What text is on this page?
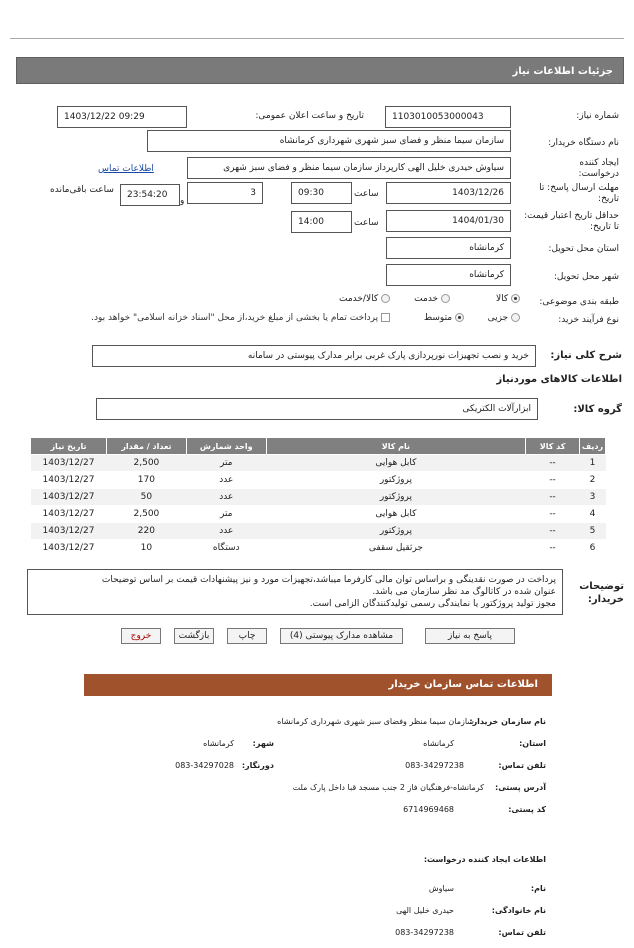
جزئیات اطلاعات نیاز
شماره نیاز:
1103010053000043
تاریخ و ساعت اعلان عمومی:
1403/12/22 09:29
نام دستگاه خریدار:
سازمان سیما منظر و فضای سبز شهری شهرداری کرمانشاه
ایجاد کننده درخواست:
سیاوش حیدری خلیل الهی کارپرداز سازمان سیما منظر و فضای سبز شهری
اطلاعات تماس
مهلت ارسال پاسخ: تا تاریخ:
1403/12/26
ساعت
09:30
3
و
23:54:20
ساعت باقی‌مانده
حداقل تاریخ اعتبار قیمت: تا تاریخ:
1404/01/30
ساعت
14:00
استان محل تحویل:
کرمانشاه
شهر محل تحویل:
کرمانشاه
طبقه بندی موضوعی:
کالا
خدمت
کالا/خدمت
نوع فرآیند خرید:
جزیی
متوسط
پرداخت تمام یا بخشی از مبلغ خرید،از محل "اسناد خزانه اسلامی" خواهد بود.
شرح کلی نیاز:
خرید و نصب تجهیزات نورپردازی پارک غربی برابر مدارک پیوستی در سامانه
اطلاعات کالاهای موردنیاز
گروه کالا:
ابزارآلات الکتریکی
ردیف	کد کالا	نام کالا	واحد شمارش	تعداد / مقدار	تاریخ نیاز
1	--	کابل هوایی	متر	2,500	1403/12/27
2	--	پروژکتور	عدد	170	1403/12/27
3	--	پروژکتور	عدد	50	1403/12/27
4	--	کابل هوایی	متر	2,500	1403/12/27
5	--	پروژکتور	عدد	220	1403/12/27
6	--	جرثقیل سقفی	دستگاه	10	1403/12/27
توضیحات خریدار:
پرداخت در صورت نقدینگی و براساس توان مالی کارفرما میباشد،تجهیزات مورد و نیز پیشنهادات قیمت بر اساس توضیحات
عنوان شده در کاتالوگ مد نظر سازمان می باشد.
مجوز تولید پروژکتور یا نمایندگی رسمی تولیدکنندگان الزامی است.
پاسخ به نیاز
مشاهده مدارک پیوستی (4)
چاپ
بازگشت
خروج
اطلاعات تماس سازمان خریدار
نام سازمان خریدار:
سازمان سیما منظر وفضای سبز شهری شهرداری کرمانشاه
استان:
کرمانشاه
شهر:
کرمانشاه
تلفن تماس:
083-34297238
دورنگار:
083-34297028
آدرس پستی:
کرمانشاه-فرهنگیان فاز 2 جنب مسجد قبا داخل پارک ملت
کد پستی:
6714969468
اطلاعات ایجاد کننده درخواست:
نام:
سیاوش
نام خانوادگی:
حیدری خلیل الهی
تلفن تماس:
083-34297238
